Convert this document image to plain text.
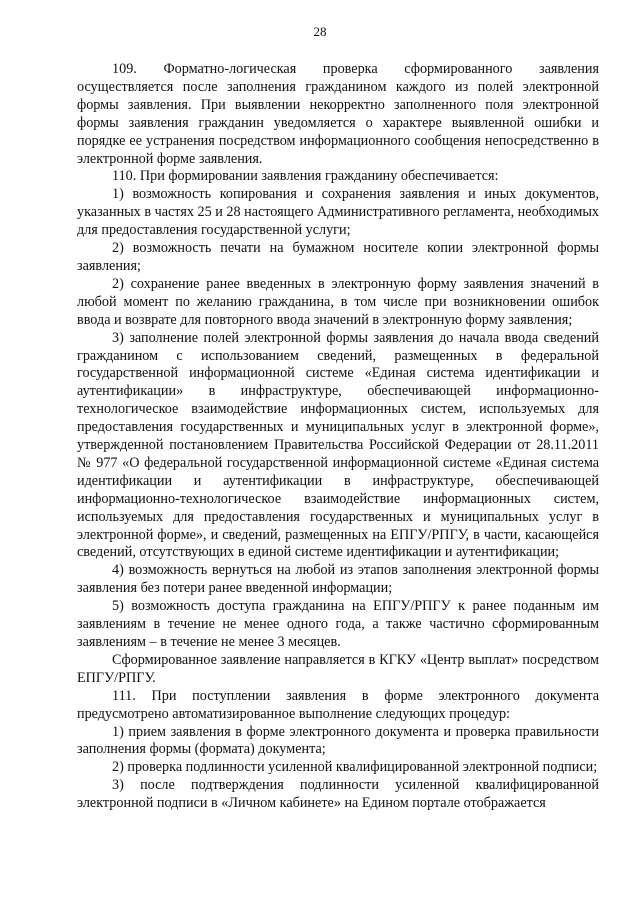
28

109. Форматно-логическая проверка сформированного заявления осуществляется после заполнения гражданином каждого из полей электронной формы заявления. При выявлении некорректно заполненного поля электронной формы заявления гражданин уведомляется о характере выявленной ошибки и порядке ее устранения посредством информационного сообщения непосредственно в электронной форме заявления.

110. При формировании заявления гражданину обеспечивается:

1) возможность копирования и сохранения заявления и иных документов, указанных в частях 25 и 28 настоящего Административного регламента, необходимых для предоставления государственной услуги;

2) возможность печати на бумажном носителе копии электронной формы заявления;

2) сохранение ранее введенных в электронную форму заявления значений в любой момент по желанию гражданина, в том числе при возникновении ошибок ввода и возврате для повторного ввода значений в электронную форму заявления;

3) заполнение полей электронной формы заявления до начала ввода сведений гражданином с использованием сведений, размещенных в федеральной государственной информационной системе «Единая система идентификации и аутентификации» в инфраструктуре, обеспечивающей информационно-технологическое взаимодействие информационных систем, используемых для предоставления государственных и муниципальных услуг в электронной форме», утвержденной постановлением Правительства Российской Федерации от 28.11.2011 № 977 «О федеральной государственной информационной системе «Единая система идентификации и аутентификации в инфраструктуре, обеспечивающей информационно-технологическое взаимодействие информационных систем, используемых для предоставления государственных и муниципальных услуг в электронной форме», и сведений, размещенных на ЕПГУ/РПГУ, в части, касающейся сведений, отсутствующих в единой системе идентификации и аутентификации;

4) возможность вернуться на любой из этапов заполнения электронной формы заявления без потери ранее введенной информации;

5) возможность доступа гражданина на ЕПГУ/РПГУ к ранее поданным им заявлениям в течение не менее одного года, а также частично сформированным заявлениям – в течение не менее 3 месяцев.

Сформированное заявление направляется в КГКУ «Центр выплат» посредством ЕПГУ/РПГУ.

111. При поступлении заявления в форме электронного документа предусмотрено автоматизированное выполнение следующих процедур:

1) прием заявления в форме электронного документа и проверка правильности заполнения формы (формата) документа;

2) проверка подлинности усиленной квалифицированной электронной подписи;

3) после подтверждения подлинности усиленной квалифицированной электронной подписи в «Личном кабинете» на Едином портале отображается
